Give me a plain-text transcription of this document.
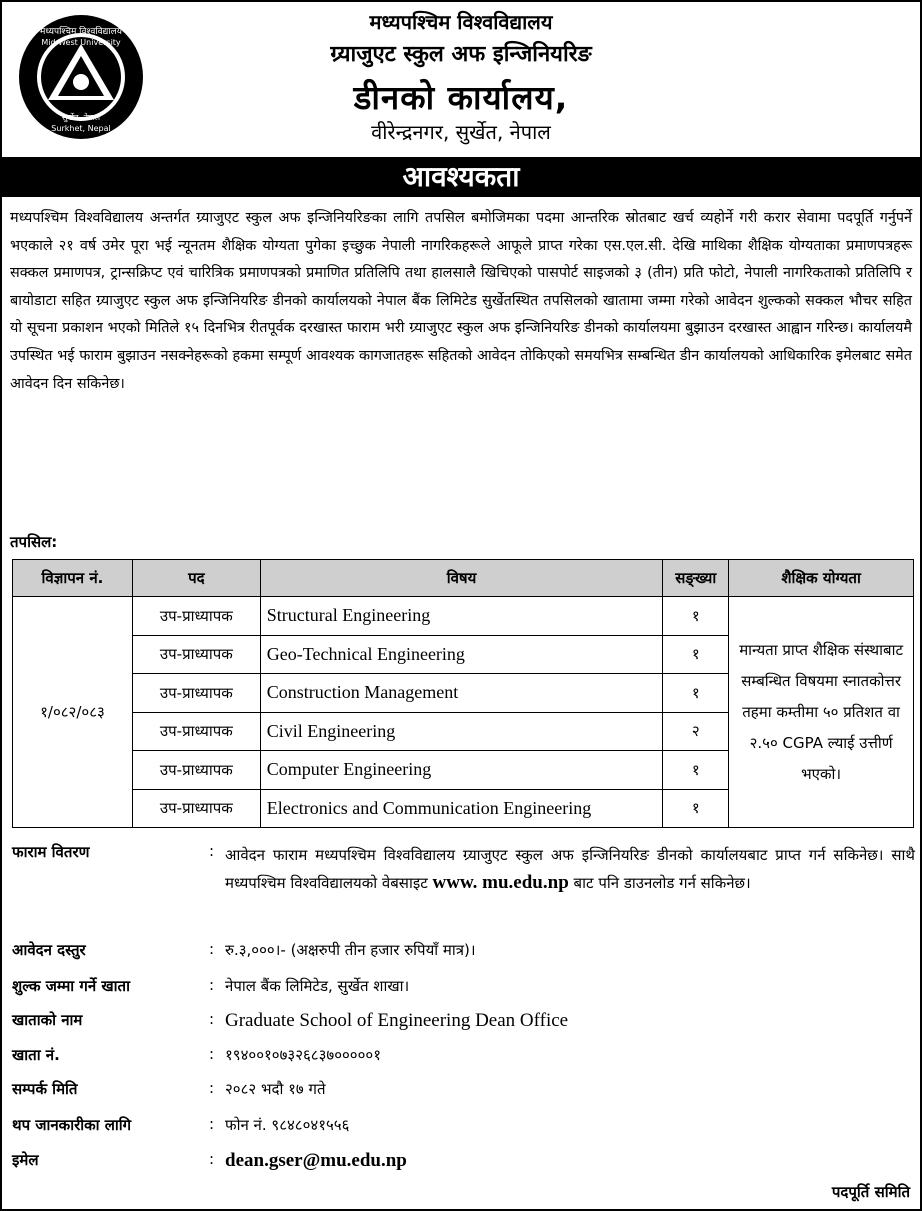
मध्यपश्चिम विश्वविद्यालय
Mid-West University
सुर्खेत, नेपाल
Surkhet, Nepal
मध्यपश्चिम विश्वविद्यालय
ग्र्याजुएट स्कुल अफ इन्जिनियरिङ
डीनको कार्यालय,
वीरेन्द्रनगर, सुर्खेत, नेपाल
आवश्यकता
मध्यपश्चिम विश्वविद्यालय अन्तर्गत ग्र्याजुएट स्कुल अफ इन्जिनियरिङका लागि तपसिल बमोजिमका पदमा आन्तरिक स्रोतबाट खर्च व्यहोर्ने गरी करार सेवामा पदपूर्ति गर्नुपर्ने भएकाले २१ वर्ष उमेर पूरा भई न्यूनतम शैक्षिक योग्यता पुगेका इच्छुक नेपाली नागरिकहरूले आफूले प्राप्त गरेका एस.एल.सी. देखि माथिका शैक्षिक योग्यताका प्रमाणपत्रहरू सक्कल प्रमाणपत्र, ट्रान्सक्रिप्ट एवं चारित्रिक प्रमाणपत्रको प्रमाणित प्रतिलिपि तथा हालसालै खिचिएको पासपोर्ट साइजको ३ (तीन) प्रति फोटो, नेपाली नागरिकताको प्रतिलिपि र बायोडाटा सहित ग्र्याजुएट स्कुल अफ इन्जिनियरिङ डीनको कार्यालयको नेपाल बैंक लिमिटेड सुर्खेतस्थित तपसिलको खातामा जम्मा गरेको आवेदन शुल्कको सक्कल भौचर सहित यो सूचना प्रकाशन भएको मितिले १५ दिनभित्र रीतपूर्वक दरखास्त फाराम भरी ग्र्याजुएट स्कुल अफ इन्जिनियरिङ डीनको कार्यालयमा बुझाउन दरखास्त आह्वान गरिन्छ। कार्यालयमै उपस्थित भई फाराम बुझाउन नसक्नेहरूको हकमा सम्पूर्ण आवश्यक कागजातहरू सहितको आवेदन तोकिएको समयभित्र सम्बन्धित डीन कार्यालयको आधिकारिक इमेलबाट समेत आवेदन दिन सकिनेछ।
तपसिल:
विज्ञापन नं.	पद	विषय	सङ्ख्या	शैक्षिक योग्यता
१/०८२/०८३	उप-प्राध्यापक	Structural Engineering	१	मान्यता प्राप्त शैक्षिक संस्थाबाट सम्बन्धित विषयमा स्नातकोत्तर तहमा कम्तीमा ५० प्रतिशत वा २.५० CGPA ल्याई उत्तीर्ण भएको।
	उप-प्राध्यापक	Geo-Technical Engineering	१	
	उप-प्राध्यापक	Construction Management	१	
	उप-प्राध्यापक	Civil Engineering	२	
	उप-प्राध्यापक	Computer Engineering	१	
	उप-प्राध्यापक	Electronics and Communication Engineering	१	
फाराम वितरण	: आवेदन फाराम मध्यपश्चिम विश्वविद्यालय ग्र्याजुएट स्कुल अफ इन्जिनियरिङ डीनको कार्यालयबाट प्राप्त गर्न सकिनेछ। साथै मध्यपश्चिम विश्वविद्यालयको वेबसाइट www. mu.edu.np बाट पनि डाउनलोड गर्न सकिनेछ।
आवेदन दस्तुर	: रु.३,०००।- (अक्षरुपी तीन हजार रुपियाँ मात्र)।
शुल्क जम्मा गर्ने खाता	: नेपाल बैंक लिमिटेड, सुर्खेत शाखा।
खाताको नाम	: Graduate School of Engineering Dean Office
खाता नं.	: १९४००१०७३२६८३७०००००१
सम्पर्क मिति	: २०८२ भदौ १७ गते
थप जानकारीका लागि	: फोन नं. ९८४८०४१५५६
इमेल	: dean.gser@mu.edu.np
पदपूर्ति समिति
